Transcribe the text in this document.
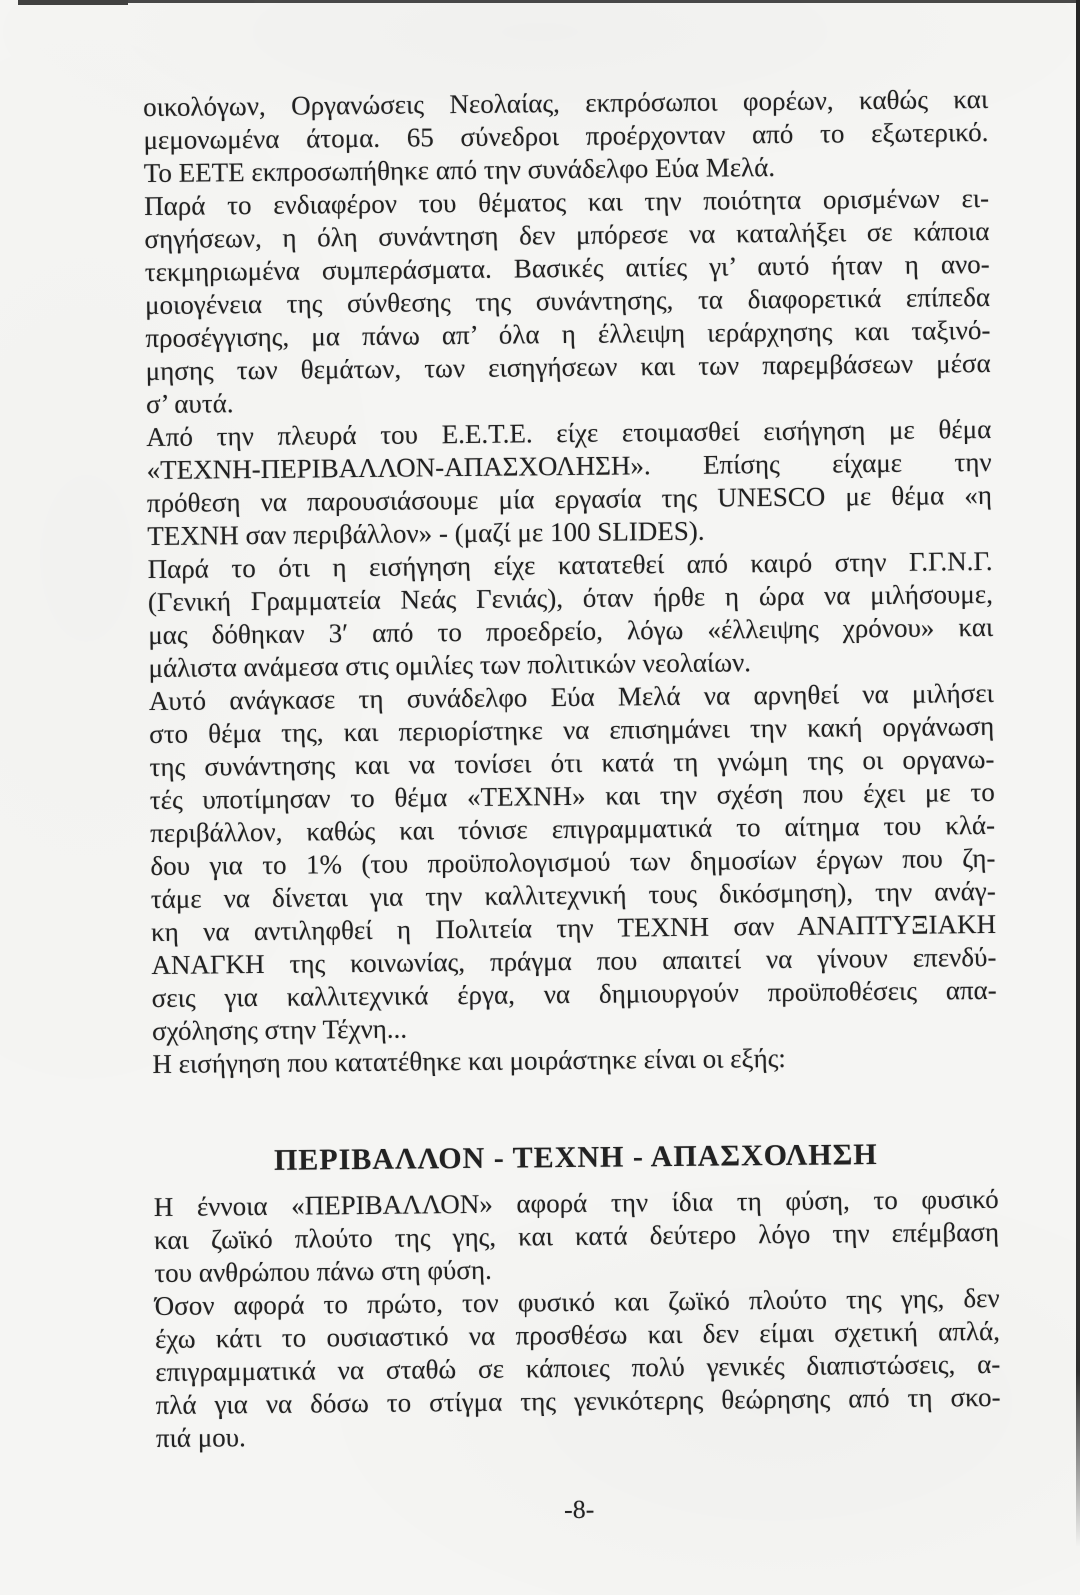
οικολόγων, Οργανώσεις Νεολαίας, εκπρόσωποι φορέων, καθώς και
μεμονωμένα άτομα. 65 σύνεδροι προέρχονταν από το εξωτερικό.
Το ΕΕΤΕ εκπροσωπήθηκε από την συνάδελφο Εύα Μελά.
Παρά το ενδιαφέρον του θέματος και την ποιότητα ορισμένων ει-
σηγήσεων, η όλη συνάντηση δεν μπόρεσε να καταλήξει σε κάποια
τεκμηριωμένα συμπεράσματα. Βασικές αιτίες γι’ αυτό ήταν η ανο-
μοιογένεια της σύνθεσης της συνάντησης, τα διαφορετικά επίπεδα
προσέγγισης, μα πάνω απ’ όλα η έλλειψη ιεράρχησης και ταξινό-
μησης των θεμάτων, των εισηγήσεων και των παρεμβάσεων μέσα
σ’ αυτά.
Από την πλευρά του Ε.Ε.Τ.Ε. είχε ετοιμασθεί εισήγηση με θέμα
«ΤΕΧΝΗ-ΠΕΡΙΒΑΛΛΟΝ-ΑΠΑΣΧΟΛΗΣΗ». Επίσης είχαμε την
πρόθεση να παρουσιάσουμε μία εργασία της UNESCO με θέμα «η
ΤΕΧΝΗ σαν περιβάλλον» - (μαζί με 100 SLIDES).
Παρά το ότι η εισήγηση είχε κατατεθεί από καιρό στην Γ.Γ.Ν.Γ.
(Γενική Γραμματεία Νεάς Γενιάς), όταν ήρθε η ώρα να μιλήσουμε,
μας δόθηκαν 3′ από το προεδρείο, λόγω «έλλειψης χρόνου» και
μάλιστα ανάμεσα στις ομιλίες των πολιτικών νεολαίων.
Αυτό ανάγκασε τη συνάδελφο Εύα Μελά να αρνηθεί να μιλήσει
στο θέμα της, και περιορίστηκε να επισημάνει την κακή οργάνωση
της συνάντησης και να τονίσει ότι κατά τη γνώμη της οι οργανω-
τές υποτίμησαν το θέμα «ΤΕΧΝΗ» και την σχέση που έχει με το
περιβάλλον, καθώς και τόνισε επιγραμματικά το αίτημα του κλά-
δου για το 1% (του προϋπολογισμού των δημοσίων έργων που ζη-
τάμε να δίνεται για την καλλιτεχνική τους δικόσμηση), την ανάγ-
κη να αντιληφθεί η Πολιτεία την ΤΕΧΝΗ σαν ΑΝΑΠΤΥΞΙΑΚΗ
ΑΝΑΓΚΗ της κοινωνίας, πράγμα που απαιτεί να γίνουν επενδύ-
σεις για καλλιτεχνικά έργα, να δημιουργούν προϋποθέσεις απα-
σχόλησης στην Τέχνη...
Η εισήγηση που κατατέθηκε και μοιράστηκε είναι οι εξής:
ΠΕΡΙΒΑΛΛΟΝ - ΤΕΧΝΗ - ΑΠΑΣΧΟΛΗΣΗ
Η έννοια «ΠΕΡΙΒΑΛΛΟΝ» αφορά την ίδια τη φύση, το φυσικό
και ζωϊκό πλούτο της γης, και κατά δεύτερο λόγο την επέμβαση
του ανθρώπου πάνω στη φύση.
Όσον αφορά το πρώτο, τον φυσικό και ζωϊκό πλούτο της γης, δεν
έχω κάτι το ουσιαστικό να προσθέσω και δεν είμαι σχετική απλά,
επιγραμματικά να σταθώ σε κάποιες πολύ γενικές διαπιστώσεις, α-
πλά για να δόσω το στίγμα της γενικότερης θεώρησης από τη σκο-
πιά μου.
-8-
